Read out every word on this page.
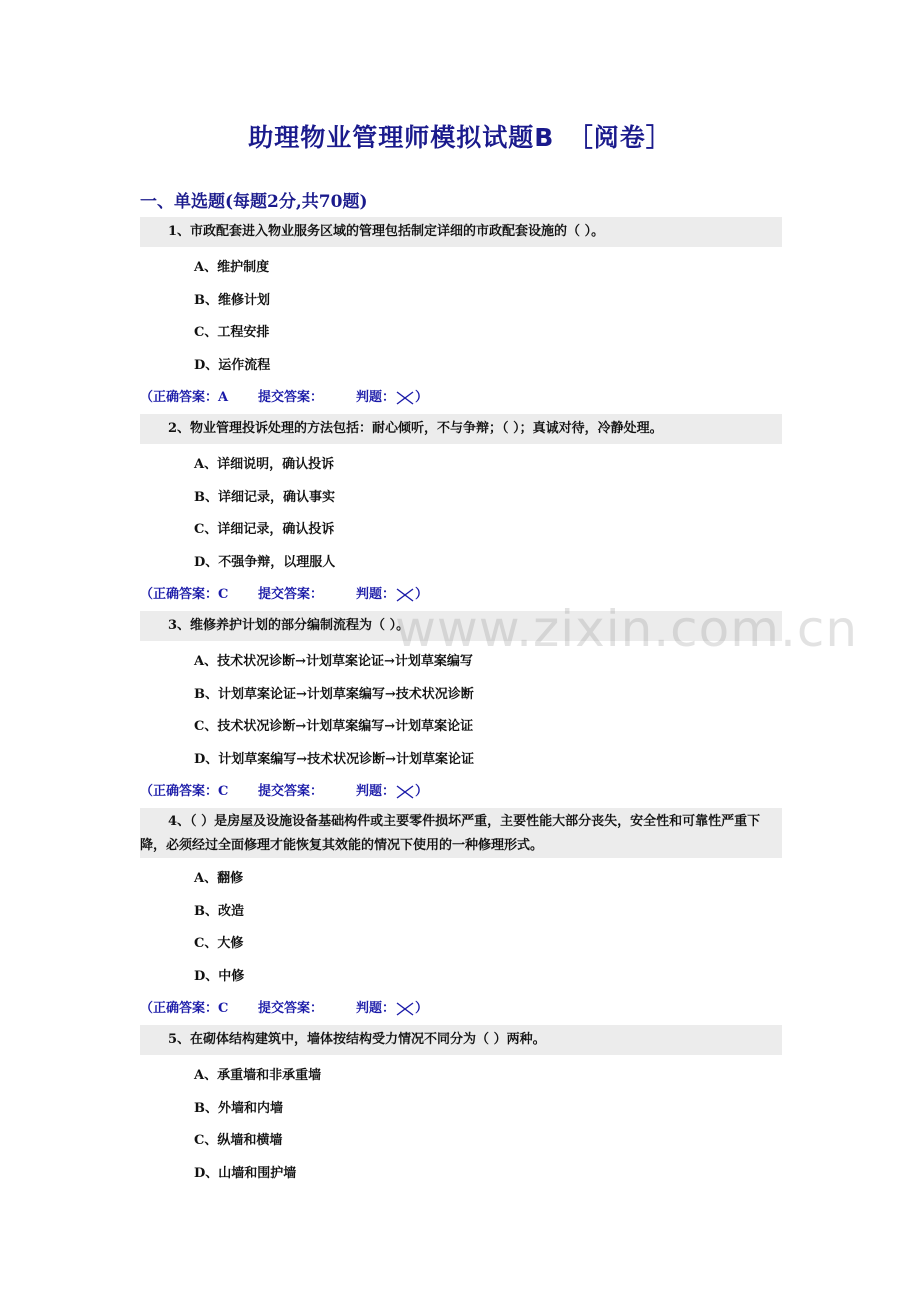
助理物业管理师模拟试题B　［阅卷］
一、单选题(每题2分,共70题)

1、市政配套进入物业服务区域的管理包括制定详细的市政配套设施的（ ）。

A、维护制度
B、维修计划
C、工程安排
D、运作流程
（正确答案：A	提交答案：	判题： ）

2、物业管理投诉处理的方法包括：耐心倾听，不与争辩；（ ）；真诚对待，冷静处理。

A、详细说明，确认投诉
B、详细记录，确认事实
C、详细记录，确认投诉
D、不强争辩，以理服人
（正确答案：C	提交答案：	判题： ）

3、维修养护计划的部分编制流程为（ ）。

A、技术状况诊断→计划草案论证→计划草案编写
B、计划草案论证→计划草案编写→技术状况诊断
C、技术状况诊断→计划草案编写→计划草案论证
D、计划草案编写→技术状况诊断→计划草案论证
（正确答案：C	提交答案：	判题： ）

4、（ ）是房屋及设施设备基础构件或主要零件损坏严重，主要性能大部分丧失，安全性和可靠性严重下降，必须经过全面修理才能恢复其效能的情况下使用的一种修理形式。

A、翻修
B、改造
C、大修
D、中修
（正确答案：C	提交答案：	判题： ）

5、在砌体结构建筑中，墙体按结构受力情况不同分为（ ）两种。

A、承重墙和非承重墙
B、外墙和内墙
C、纵墙和横墙
D、山墙和围护墙
www.zixin.com.cn
